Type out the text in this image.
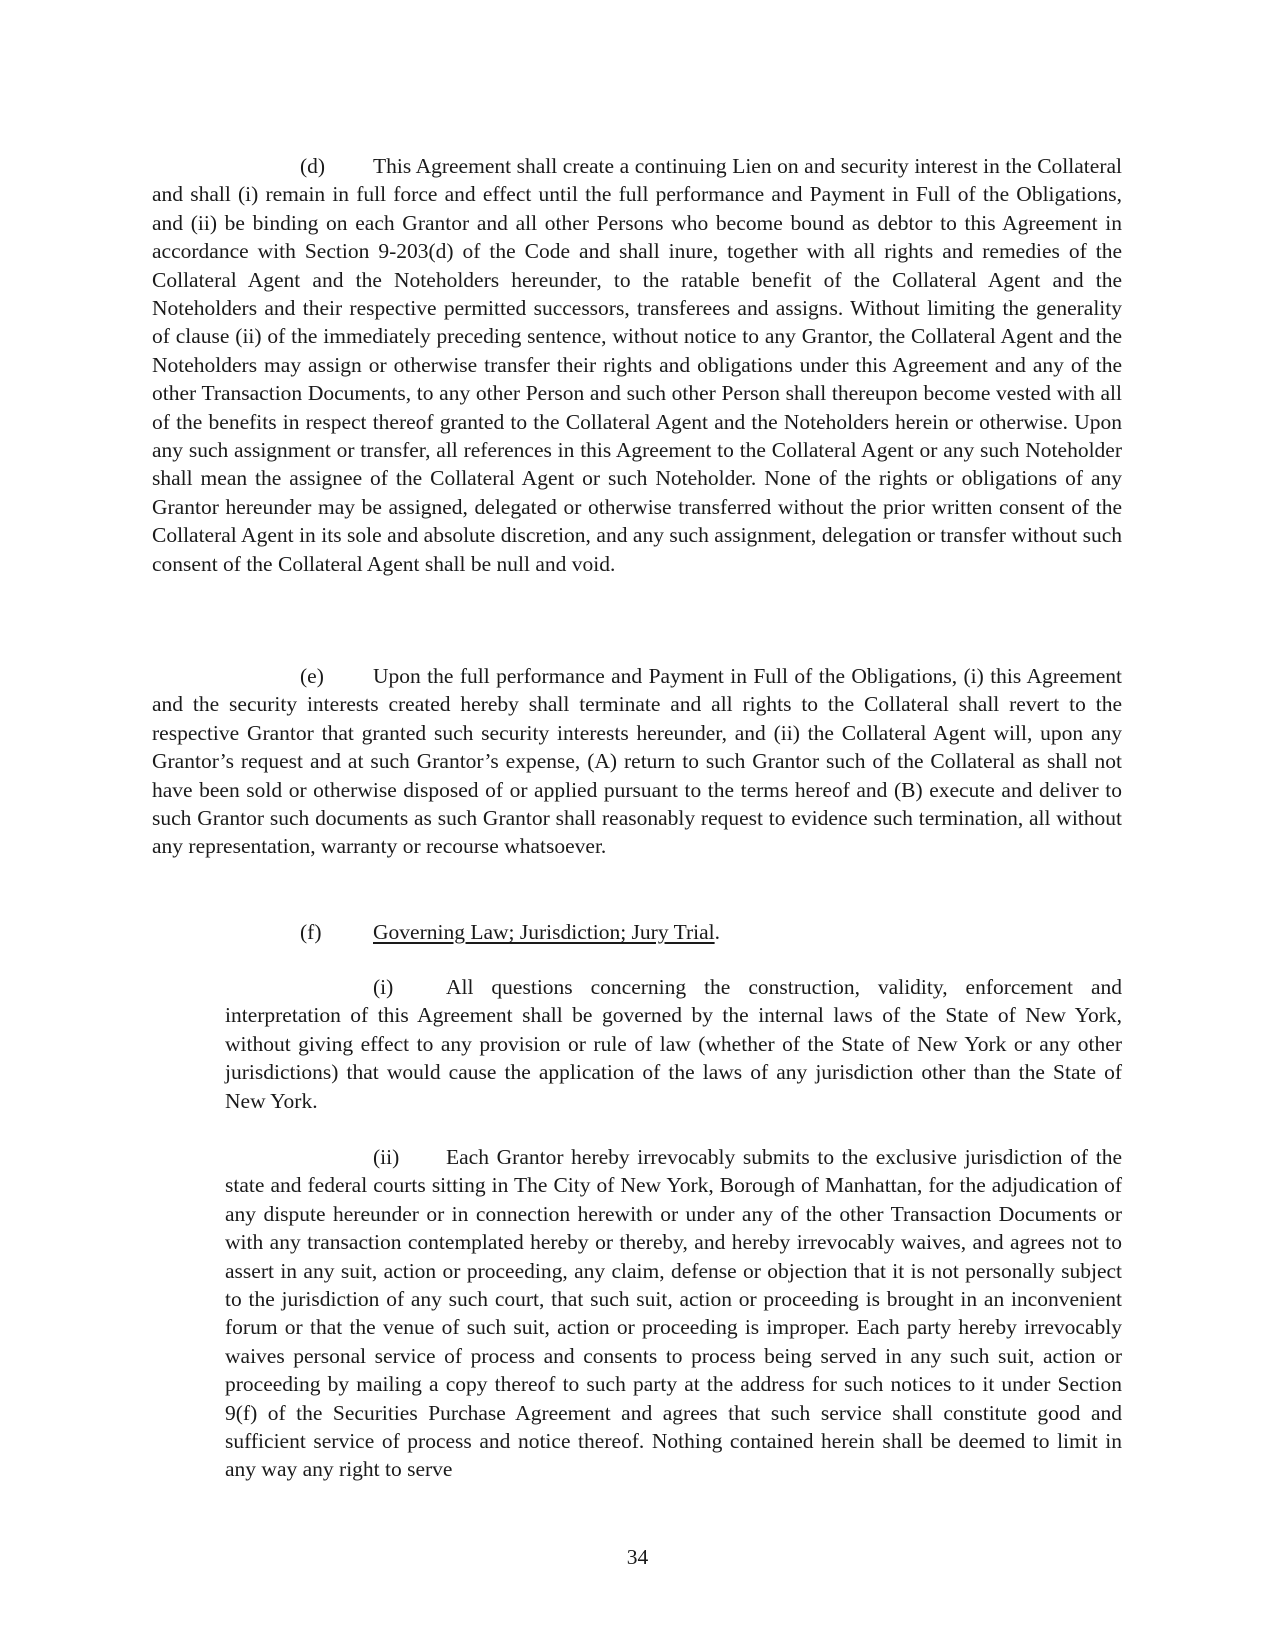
(d) This Agreement shall create a continuing Lien on and security interest in the Collateral and shall (i) remain in full force and effect until the full performance and Payment in Full of the Obligations, and (ii) be binding on each Grantor and all other Persons who become bound as debtor to this Agreement in accordance with Section 9-203(d) of the Code and shall inure, together with all rights and remedies of the Collateral Agent and the Noteholders hereunder, to the ratable benefit of the Collateral Agent and the Noteholders and their respective permitted successors, transferees and assigns. Without limiting the generality of clause (ii) of the immediately preceding sentence, without notice to any Grantor, the Collateral Agent and the Noteholders may assign or otherwise transfer their rights and obligations under this Agreement and any of the other Transaction Documents, to any other Person and such other Person shall thereupon become vested with all of the benefits in respect thereof granted to the Collateral Agent and the Noteholders herein or otherwise. Upon any such assignment or transfer, all references in this Agreement to the Collateral Agent or any such Noteholder shall mean the assignee of the Collateral Agent or such Noteholder. None of the rights or obligations of any Grantor hereunder may be assigned, delegated or otherwise transferred without the prior written consent of the Collateral Agent in its sole and absolute discretion, and any such assignment, delegation or transfer without such consent of the Collateral Agent shall be null and void.

(e) Upon the full performance and Payment in Full of the Obligations, (i) this Agreement and the security interests created hereby shall terminate and all rights to the Collateral shall revert to the respective Grantor that granted such security interests hereunder, and (ii) the Collateral Agent will, upon any Grantor’s request and at such Grantor’s expense, (A) return to such Grantor such of the Collateral as shall not have been sold or otherwise disposed of or applied pursuant to the terms hereof and (B) execute and deliver to such Grantor such documents as such Grantor shall reasonably request to evidence such termination, all without any representation, warranty or recourse whatsoever.

(f) Governing Law; Jurisdiction; Jury Trial.

(i) All questions concerning the construction, validity, enforcement and interpretation of this Agreement shall be governed by the internal laws of the State of New York, without giving effect to any provision or rule of law (whether of the State of New York or any other jurisdictions) that would cause the application of the laws of any jurisdiction other than the State of New York.

(ii) Each Grantor hereby irrevocably submits to the exclusive jurisdiction of the state and federal courts sitting in The City of New York, Borough of Manhattan, for the adjudication of any dispute hereunder or in connection herewith or under any of the other Transaction Documents or with any transaction contemplated hereby or thereby, and hereby irrevocably waives, and agrees not to assert in any suit, action or proceeding, any claim, defense or objection that it is not personally subject to the jurisdiction of any such court, that such suit, action or proceeding is brought in an inconvenient forum or that the venue of such suit, action or proceeding is improper. Each party hereby irrevocably waives personal service of process and consents to process being served in any such suit, action or proceeding by mailing a copy thereof to such party at the address for such notices to it under Section 9(f) of the Securities Purchase Agreement and agrees that such service shall constitute good and sufficient service of process and notice thereof. Nothing contained herein shall be deemed to limit in any way any right to serve

34
